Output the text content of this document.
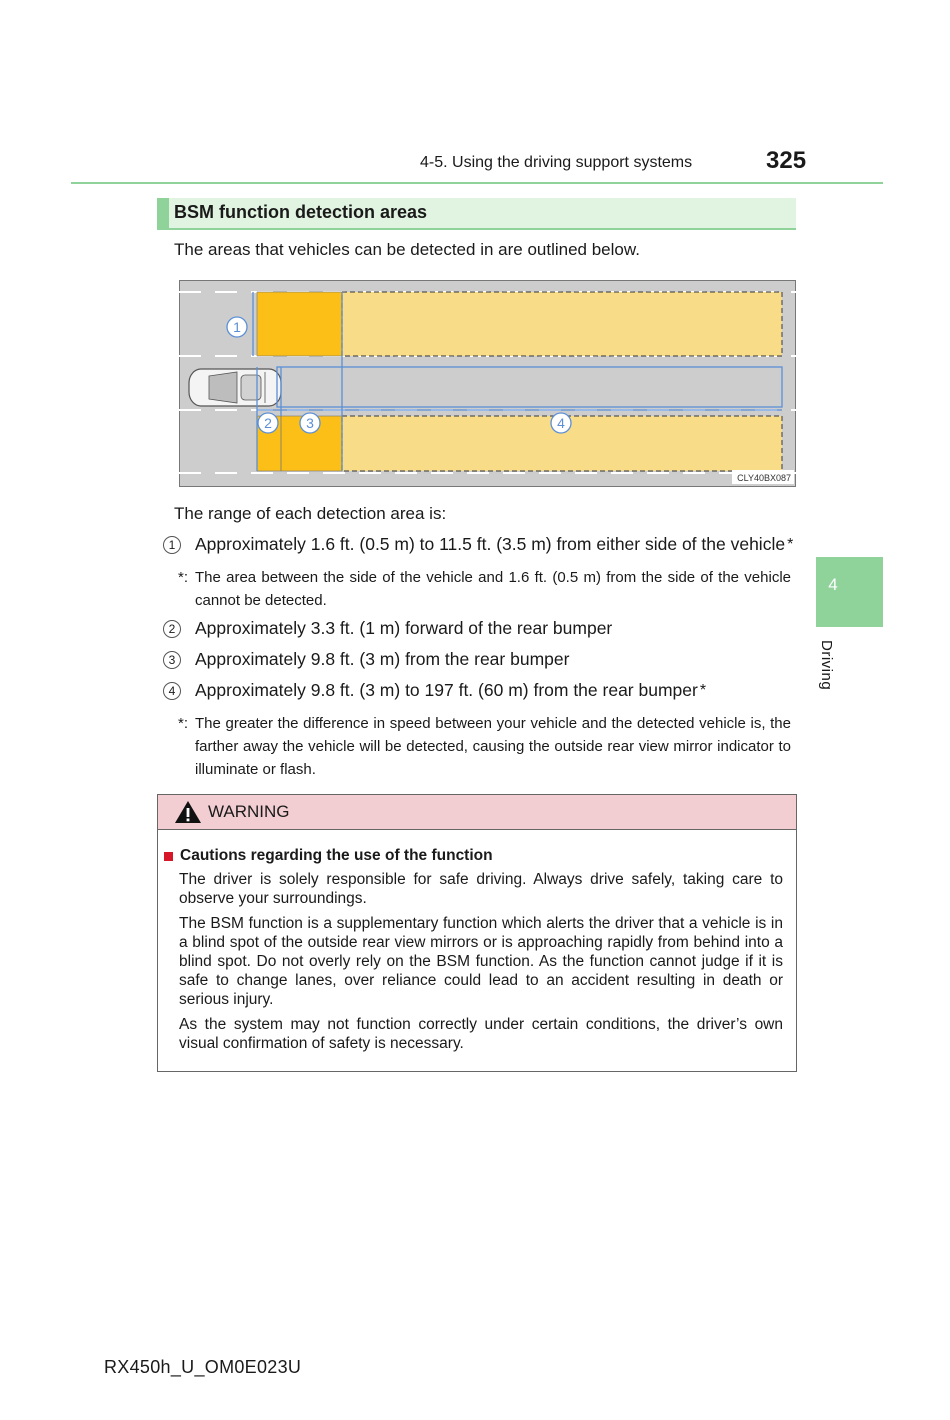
4-5. Using the driving support systems	325
4
Driving
BSM function detection areas
The areas that vehicles can be detected in are outlined below.
1
2 3	4
CLY40BX087
The range of each detection area is:
1	Approximately 1.6 ft. (0.5 m) to 11.5 ft. (3.5 m) from either side of the vehicle *
*: The area between the side of the vehicle and 1.6 ft. (0.5 m) from the side of the vehicle cannot be detected.
2	Approximately 3.3 ft. (1 m) forward of the rear bumper
3	Approximately 9.8 ft. (3 m) from the rear bumper
4	Approximately 9.8 ft. (3 m) to 197 ft. (60 m) from the rear bumper *
*: The greater the difference in speed between your vehicle and the detected vehicle is, the farther away the vehicle will be detected, causing the outside rear view mirror indicator to illuminate or flash.
WARNING
Cautions regarding the use of the function
The driver is solely responsible for safe driving. Always drive safely, taking care to observe your surroundings.
The BSM function is a supplementary function which alerts the driver that a vehicle is in a blind spot of the outside rear view mirrors or is approaching rapidly from behind into a blind spot. Do not overly rely on the BSM function. As the function cannot judge if it is safe to change lanes, over reliance could lead to an accident resulting in death or serious injury.
As the system may not function correctly under certain conditions, the driver’s own visual confirmation of safety is necessary.
RX450h_U_OM0E023U
